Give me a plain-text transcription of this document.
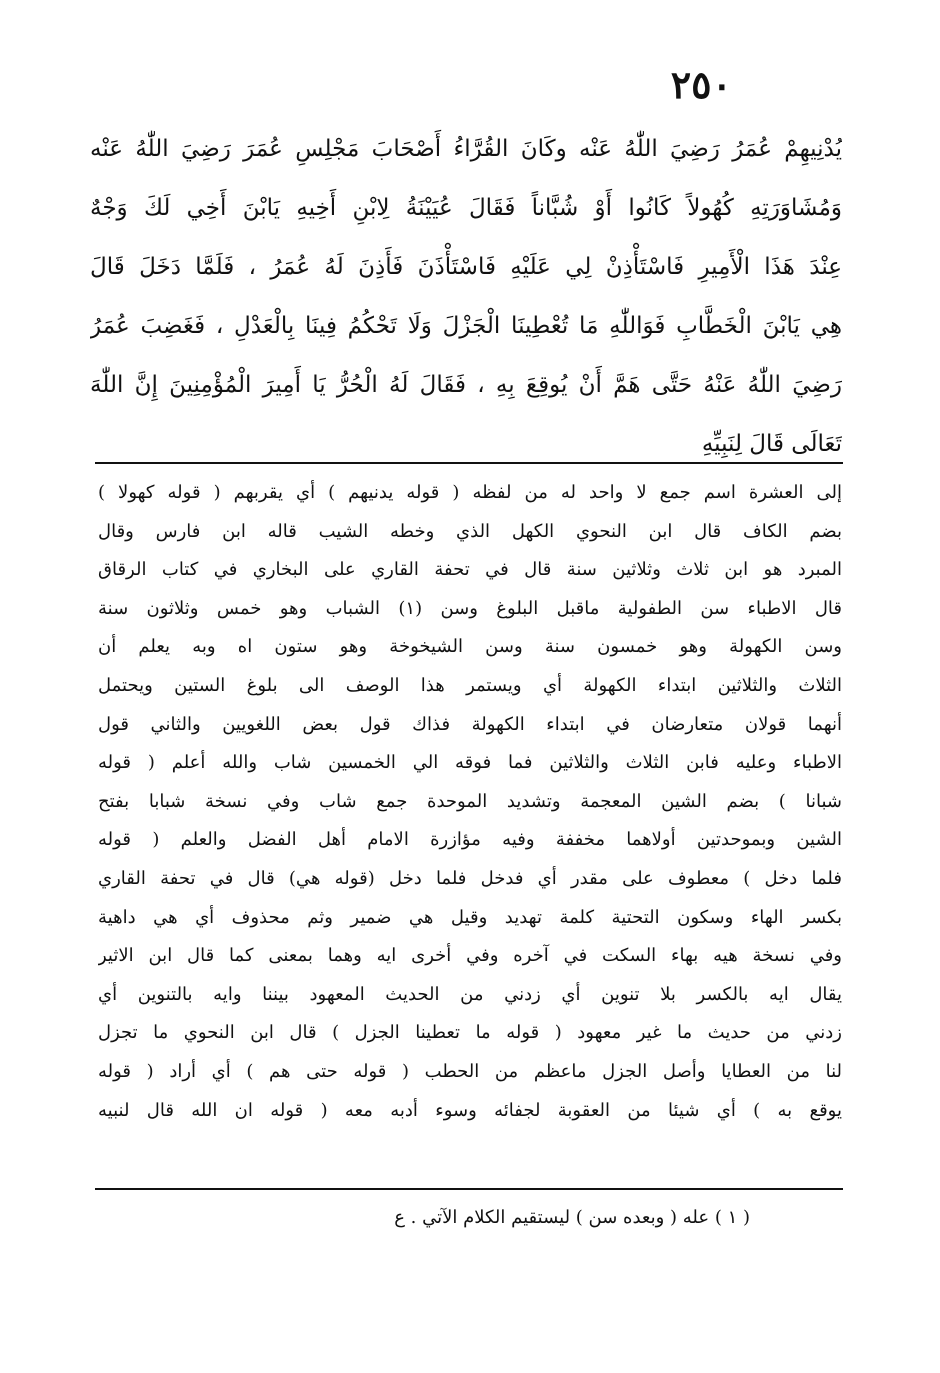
٢٥٠
يُدْنِيهِمْ عُمَرُ رَضِيَ اللّٰهُ عَنْه وكَانَ القُرَّاءُ أَصْحَابَ مَجْلِسِ عُمَرَ رَضِيَ اللّٰهُ عَنْه
وَمُشَاوَرَتِهِ كُهُولاً كَانُوا أَوْ شُبَّاناً فَقَالَ عُيَيْنَةُ لِابْنِ أَخِيهِ يَابْنَ أَخِي لَكَ وَجْهٌ
عِنْدَ هَذَا الْأَمِيرِ فَاسْتَأْذِنْ لِي عَلَيْهِ فَاسْتَأْذَنَ فَأَذِنَ لَهُ عُمَرُ ، فَلَمَّا دَخَلَ قَالَ
هِي يَابْنَ الْخَطَّابِ فَوَاللّٰهِ مَا تُعْطِينَا الْجَزْلَ وَلَا تَحْكُمُ فِينَا بِالْعَدْلِ ، فَغَضِبَ عُمَرُ
رَضِيَ اللّٰهُ عَنْهُ حَتَّى هَمَّ أَنْ يُوقِعَ بِهِ ، فَقَالَ لَهُ الْحُرُّ يَا أَمِيرَ الْمُؤْمِنِينَ إِنَّ اللّٰهَ
تَعَالَى قَالَ لِنَبِيِّهِ
إلى العشرة اسم جمع لا واحد له من لفظه ( قوله يدنيهم ) أي يقربهم ( قوله كهولا )
بضم الكاف قال ابن النحوي الكهل الذي وخطه الشيب قاله ابن فارس وقال
المبرد هو ابن ثلاث وثلاثين سنة قال في تحفة القاري على البخاري في كتاب الرقاق
قال الاطباء سن الطفولية ماقبل البلوغ وسن (١) الشباب وهو خمس وثلاثون سنة
وسن الكهولة وهو خمسون سنة وسن الشيخوخة وهو ستون اه وبه يعلم أن
الثلاث والثلاثين ابتداء الكهولة أي ويستمر هذا الوصف الى بلوغ الستين ويحتمل
أنهما قولان متعارضان في ابتداء الكهولة فذاك قول بعض اللغويين والثاني قول
الاطباء وعليه فابن الثلاث والثلاثين فما فوقه الي الخمسين شاب والله أعلم ( قوله
شبانا ) بضم الشين المعجمة وتشديد الموحدة جمع شاب وفي نسخة شبابا بفتح
الشين وبموحدتين أولاهما مخففة وفيه مؤازرة الامام أهل الفضل والعلم ( قوله
فلما دخل ) معطوف على مقدر أي فدخل فلما دخل (قوله هي) قال في تحفة القاري
بكسر الهاء وسكون التحتية كلمة تهديد وقيل هي ضمير وثم محذوف أي هي داهية
وفي نسخة هيه بهاء السكت في آخره وفي أخرى ايه وهما بمعنى كما قال ابن الاثير
يقال ايه بالكسر بلا تنوين أي زدني من الحديث المعهود بيننا وايه بالتنوين أي
زدني من حديث ما غير معهود ( قوله ما تعطينا الجزل ) قال ابن النحوي ما تجزل
لنا من العطايا وأصل الجزل ماعظم من الحطب ( قوله حتى هم ) أي أراد ( قوله
يوقع به ) أي شيئا من العقوبة لجفائه وسوء أدبه معه ( قوله ان الله قال لنبيه
( ١ ) عله ( وبعده سن ) ليستقيم الكلام الآتي . ع
